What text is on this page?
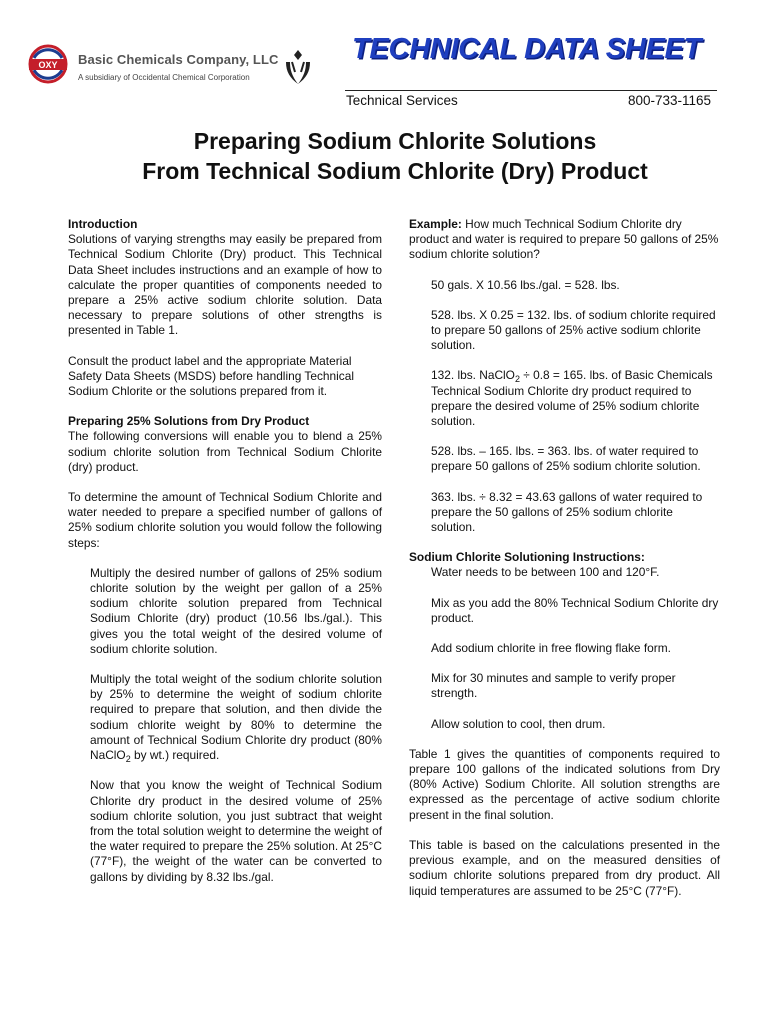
OXY Basic Chemicals Company, LLC
A subsidiary of Occidental Chemical Corporation
TECHNICAL DATA SHEET
Technical Services	800-733-1165
Preparing Sodium Chlorite Solutions
From Technical Sodium Chlorite (Dry) Product

Introduction

Solutions of varying strengths may easily be prepared from Technical Sodium Chlorite (Dry) product. This Technical Data Sheet includes instructions and an example of how to calculate the proper quantities of components needed to prepare a 25% active sodium chlorite solution. Data necessary to prepare solutions of other strengths is presented in Table 1.

Consult the product label and the appropriate Material Safety Data Sheets (MSDS) before handling Technical Sodium Chlorite or the solutions prepared from it.

Preparing 25% Solutions from Dry Product

The following conversions will enable you to blend a 25% sodium chlorite solution from Technical Sodium Chlorite (dry) product.

To determine the amount of Technical Sodium Chlorite and water needed to prepare a specified number of gallons of 25% sodium chlorite solution you would follow the following steps:

Multiply the desired number of gallons of 25% sodium chlorite solution by the weight per gallon of a 25% sodium chlorite solution prepared from Technical Sodium Chlorite (dry) product (10.56 lbs./gal.). This gives you the total weight of the desired volume of sodium chlorite solution.

Multiply the total weight of the sodium chlorite solution by 25% to determine the weight of sodium chlorite required to prepare that solution, and then divide the sodium chlorite weight by 80% to determine the amount of Technical Sodium Chlorite dry product (80% NaClO$_2$ by wt.) required.

Now that you know the weight of Technical Sodium Chlorite dry product in the desired volume of 25% sodium chlorite solution, you just subtract that weight from the total solution weight to determine the weight of the water required to prepare the 25% solution. At 25°C (77°F), the weight of the water can be converted to gallons by dividing by 8.32 lbs./gal.

Example: How much Technical Sodium Chlorite dry product and water is required to prepare 50 gallons of 25% sodium chlorite solution?

50 gals. X 10.56 lbs./gal. = 528. lbs.

528. lbs. X 0.25 = 132. lbs. of sodium chlorite required to prepare 50 gallons of 25% active sodium chlorite solution.

132. lbs. NaClO$_2$ ÷ 0.8 = 165. lbs. of Basic Chemicals Technical Sodium Chlorite dry product required to prepare the desired volume of 25% sodium chlorite solution.

528. lbs. – 165. lbs. = 363. lbs. of water required to prepare 50 gallons of 25% sodium chlorite solution.

363. lbs. ÷ 8.32 = 43.63 gallons of water required to prepare the 50 gallons of 25% sodium chlorite solution.

Sodium Chlorite Solutioning Instructions:

Water needs to be between 100 and 120°F.

Mix as you add the 80% Technical Sodium Chlorite dry product.

Add sodium chlorite in free flowing flake form.

Mix for 30 minutes and sample to verify proper strength.

Allow solution to cool, then drum.

Table 1 gives the quantities of components required to prepare 100 gallons of the indicated solutions from Dry (80% Active) Sodium Chlorite. All solution strengths are expressed as the percentage of active sodium chlorite present in the final solution.

This table is based on the calculations presented in the previous example, and on the measured densities of sodium chlorite solutions prepared from dry product. All liquid temperatures are assumed to be 25°C (77°F).
